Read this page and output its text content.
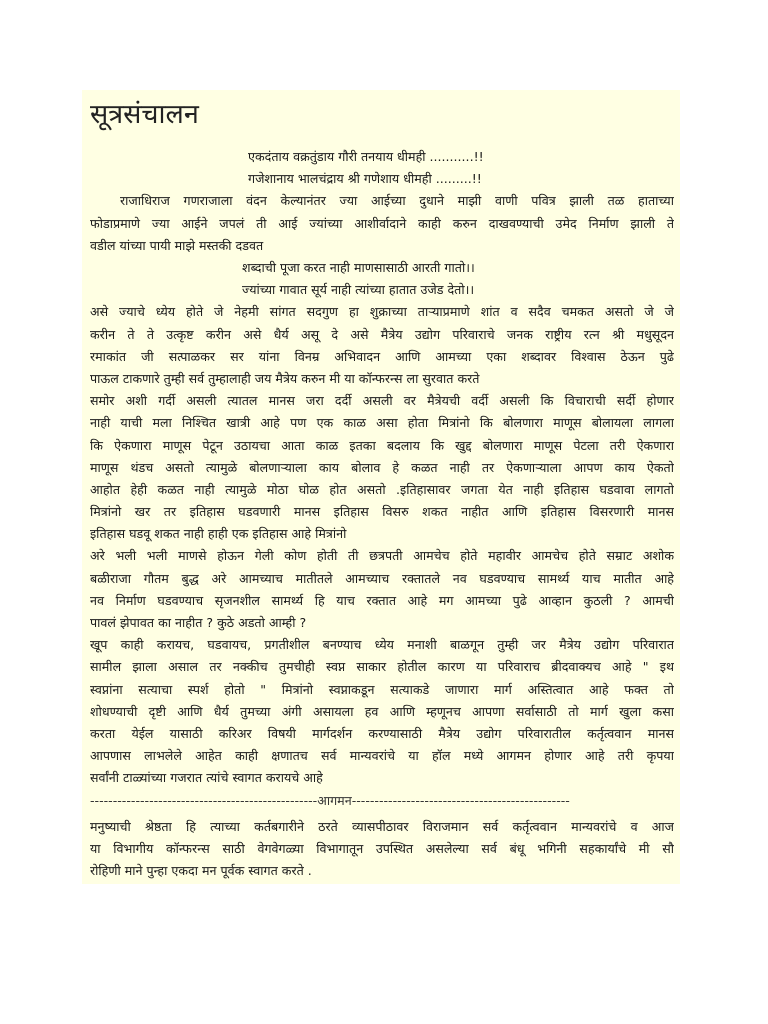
सूत्रसंचालन
एकदंताय वक्रतुंडाय गौरी तनयाय धीमही ...........!!
गजेशानाय भालचंद्राय श्री गणेशाय धीमही .........!!
राजाधिराज गणराजाला वंदन केल्यानंतर ज्या आईच्या दुधाने माझी वाणी पवित्र झाली तळ हाताच्या
फोडाप्रमाणे ज्या आईने जपलं ती आई ज्यांच्या आशीर्वादाने काही करुन दाखवण्याची उमेद निर्माण झाली ते
वडील यांच्या पायी माझे मस्तकी दडवत
शब्दाची पूजा करत नाही माणसासाठी आरती गातो।।
ज्यांच्या गावात सूर्य नाही त्यांच्या हातात उजेड देतो।।
असे ज्याचे ध्येय होते जे नेहमी सांगत सदगुण हा शुक्राच्या ताऱ्याप्रमाणे शांत व सदैव चमकत असतो जे जे
करीन ते ते उत्कृष्ट करीन असे धैर्य असू दे असे मैत्रेय उद्योग परिवाराचे जनक राष्ट्रीय रत्न श्री मधुसूदन
रमाकांत जी सत्पाळकर सर यांना विनम्र अभिवादन आणि आमच्या एका शब्दावर विश्वास ठेऊन पुढे
पाऊल टाकणारे तुम्ही सर्व तुम्हालाही जय मैत्रेय करुन मी या कॉन्फरन्स ला सुरवात करते
समोर अशी गर्दी असली त्यातल मानस जरा दर्दी असली वर मैत्रेयची वर्दी असली कि विचाराची सर्दी होणार
नाही याची मला निश्चित खात्री आहे पण एक काळ असा होता मित्रांनो कि बोलणारा माणूस बोलायला लागला
कि ऐकणारा माणूस पेटून उठायचा आता काळ इतका बदलाय कि खुद्द बोलणारा माणूस पेटला तरी ऐकणारा
माणूस थंडच असतो त्यामुळे बोलणाऱ्याला काय बोलाव हे कळत नाही तर ऐकणाऱ्याला आपण काय ऐकतो
आहोत हेही कळत नाही त्यामुळे मोठा घोळ होत असतो .इतिहासावर जगता येत नाही इतिहास घडवावा लागतो
मित्रांनो खर तर इतिहास घडवणारी मानस इतिहास विसरु शकत नाहीत आणि इतिहास विसरणारी मानस
इतिहास घडवू शकत नाही हाही एक इतिहास आहे मित्रांनो
अरे भली भली माणसे होऊन गेली कोण होती ती छत्रपती आमचेच होते महावीर आमचेच होते सम्राट अशोक
बळीराजा गौतम बुद्ध अरे आमच्याच मातीतले आमच्याच रक्तातले नव घडवण्याच सामर्थ्य याच मातीत आहे
नव निर्माण घडवण्याच सृजनशील सामर्थ्य हि याच रक्तात आहे मग आमच्या पुढे आव्हान कुठली ? आमची
पावलं झेपावत का नाहीत ? कुठे अडतो आम्ही ?
खूप काही करायच, घडवायच, प्रगतीशील बनण्याच ध्येय मनाशी बाळगून तुम्ही जर मैत्रेय उद्योग परिवारात
सामील झाला असाल तर नक्कीच तुमचीही स्वप्न साकार होतील कारण या परिवाराच ब्रीदवाक्यच आहे " इथ
स्वप्नांना सत्याचा स्पर्श होतो " मित्रांनो स्वप्नाकडून सत्याकडे जाणारा मार्ग अस्तित्वात आहे फक्त तो
शोधण्याची दृष्टी आणि धैर्य तुमच्या अंगी असायला हव आणि म्हणूनच आपणा सर्वासाठी तो मार्ग खुला कसा
करता येईल यासाठी करिअर विषयी मार्गदर्शन करण्यासाठी मैत्रेय उद्योग परिवारातील कर्तृत्ववान मानस
आपणास लाभलेले आहेत काही क्षणातच सर्व मान्यवरांचे या हॉल मध्ये आगमन होणार आहे तरी कृपया
सर्वांनी टाळ्यांच्या गजरात त्यांचे स्वागत करायचे आहे
--------------------------------------------------आगमन------------------------------------------------
मनुष्याची श्रेष्ठता हि त्याच्या कर्तबगारीने ठरते व्यासपीठावर विराजमान सर्व कर्तृत्ववान मान्यवरांचे व आज
या विभागीय कॉन्फरन्स साठी वेगवेगळ्या विभागातून उपस्थित असलेल्या सर्व बंधू भगिनी सहकार्यांचे मी सौ
रोहिणी माने पुन्हा एकदा मन पूर्वक स्वागत करते .
